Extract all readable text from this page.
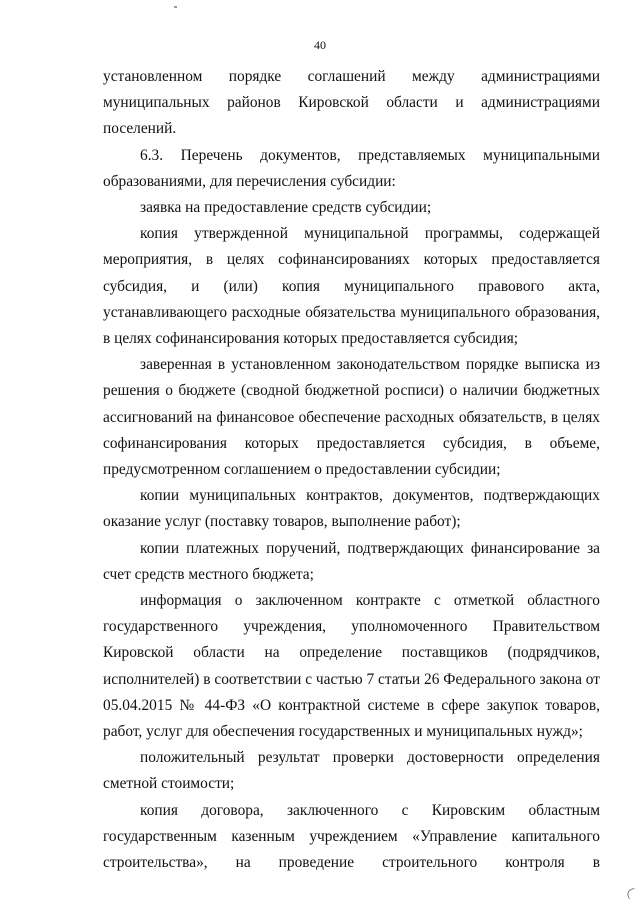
40

установленном порядке соглашений между администрациями муниципальных районов Кировской области и администрациями поселений.

6.3. Перечень документов, представляемых муниципальными образованиями, для перечисления субсидии:

заявка на предоставление средств субсидии;

копия утвержденной муниципальной программы, содержащей мероприятия, в целях софинансированиях которых предоставляется субсидия, и (или) копия муниципального правового акта, устанавливающего расходные обязательства муниципального образования, в целях софинансирования которых предоставляется субсидия;

заверенная в установленном законодательством порядке выписка из решения о бюджете (сводной бюджетной росписи) о наличии бюджетных ассигнований на финансовое обеспечение расходных обязательств, в целях софинансирования которых предоставляется субсидия, в объеме, предусмотренном соглашением о предоставлении субсидии;

копии муниципальных контрактов, документов, подтверждающих оказание услуг (поставку товаров, выполнение работ);

копии платежных поручений, подтверждающих финансирование за счет средств местного бюджета;

информация о заключенном контракте с отметкой областного государственного учреждения, уполномоченного Правительством Кировской области на определение поставщиков (подрядчиков, исполнителей) в соответствии с частью 7 статьи 26 Федерального закона от 05.04.2015 № 44-ФЗ «О контрактной системе в сфере закупок товаров, работ, услуг для обеспечения государственных и муниципальных нужд»;

положительный результат проверки достоверности определения сметной стоимости;

копия договора, заключенного с Кировским областным государственным казенным учреждением «Управление капитального строительства», на проведение строительного контроля в
